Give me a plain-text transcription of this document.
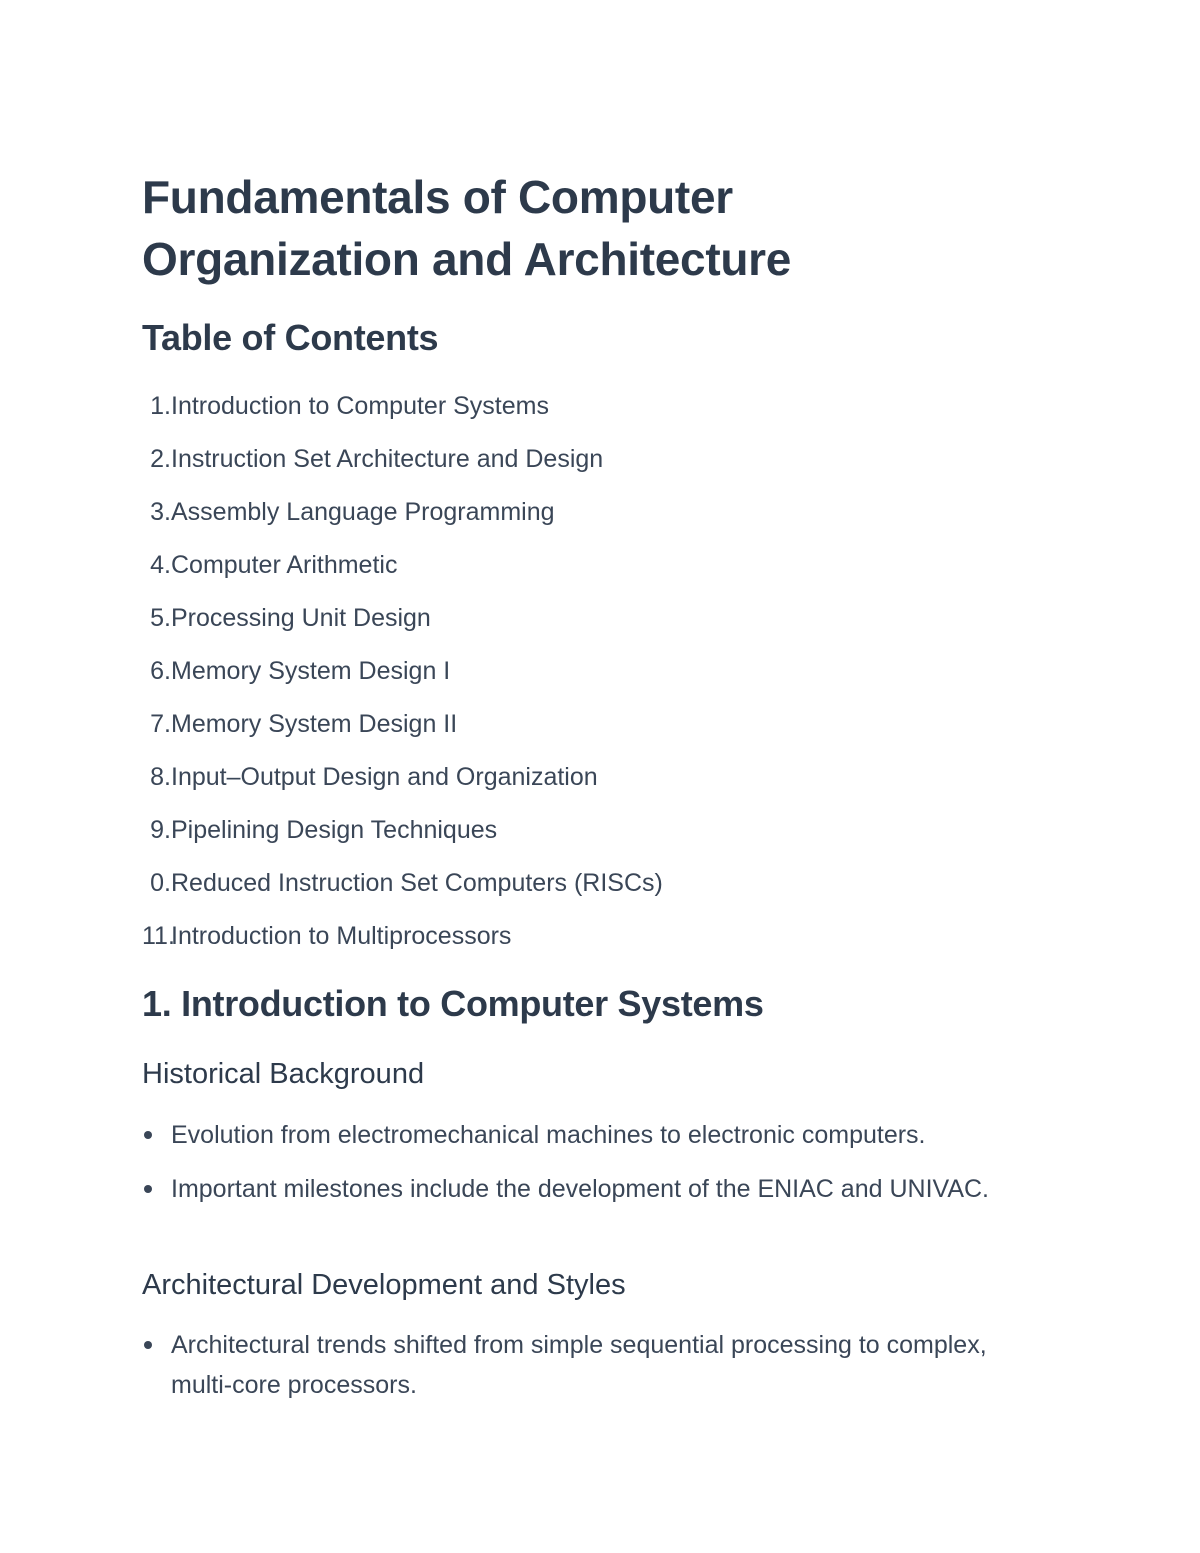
Fundamentals of Computer
Organization and Architecture
Table of Contents
1. Introduction to Computer Systems
2. Instruction Set Architecture and Design
3. Assembly Language Programming
4. Computer Arithmetic
5. Processing Unit Design
6. Memory System Design I
7. Memory System Design II
8. Input–Output Design and Organization
9. Pipelining Design Techniques
0. Reduced Instruction Set Computers (RISCs)
11.
Introduction to Multiprocessors
1. Introduction to Computer Systems
Historical Background
Evolution from electromechanical machines to electronic computers.
Important milestones include the development of the ENIAC and UNIVAC.
Architectural Development and Styles
Architectural trends shifted from simple sequential processing to complex, multi-core processors.
